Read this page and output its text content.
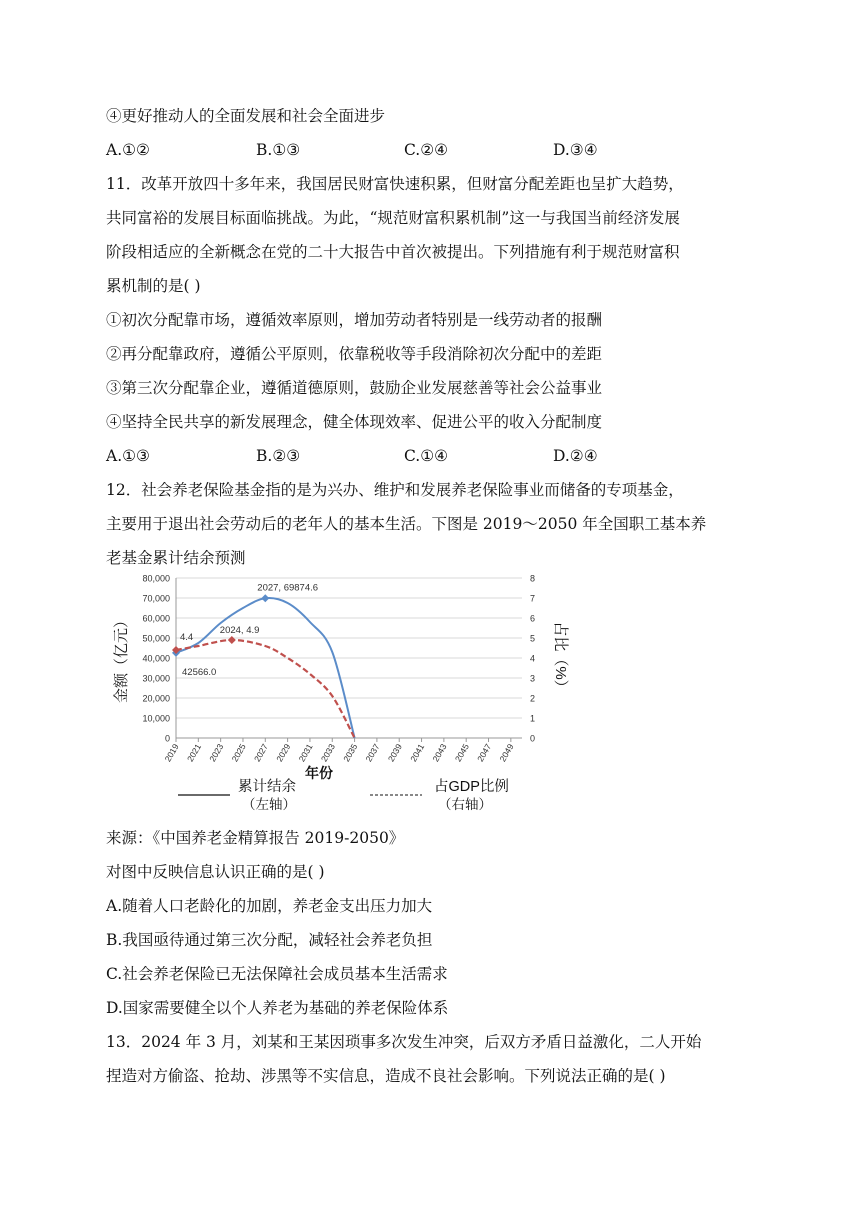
④更好推动人的全面发展和社会全面进步
A.①②	B.①③	C.②④	D.③④
11．改革开放四十多年来，我国居民财富快速积累，但财富分配差距也呈扩大趋势，
共同富裕的发展目标面临挑战。为此，“规范财富积累机制”这一与我国当前经济发展
阶段相适应的全新概念在党的二十大报告中首次被提出。下列措施有利于规范财富积
累机制的是( )
①初次分配靠市场，遵循效率原则，增加劳动者特别是一线劳动者的报酬
②再分配靠政府，遵循公平原则，依靠税收等手段消除初次分配中的差距
③第三次分配靠企业，遵循道德原则，鼓励企业发展慈善等社会公益事业
④坚持全民共享的新发展理念，健全体现效率、促进公平的收入分配制度
A.①③	B.②③	C.①④	D.②④
12．社会养老保险基金指的是为兴办、维护和发展养老保险事业而储备的专项基金，
主要用于退出社会劳动后的老年人的基本生活。下图是 2019～2050 年全国职工基本养
老基金累计结余预测
0
10,000
20,000
30,000
40,000
50,000
60,000
70,000
80,000
0
1
2
3
4
5
6
7
8
2019 2021 2023 2025 2027 2029 2031 2033 2035 2037 2039 2041 2043 2045 2047 2049
年份
金额（亿元）	占比（%）
2027, 69874.6
2024, 4.9
4.4
42566.0
累计结余
（左轴）
占GDP比例
（右轴）
来源：《中国养老金精算报告 2019-2050》
对图中反映信息认识正确的是( )
A.随着人口老龄化的加剧，养老金支出压力加大
B.我国亟待通过第三次分配，减轻社会养老负担
C.社会养老保险已无法保障社会成员基本生活需求
D.国家需要健全以个人养老为基础的养老保险体系
13．2024 年 3 月，刘某和王某因琐事多次发生冲突，后双方矛盾日益激化，二人开始
捏造对方偷盗、抢劫、涉黑等不实信息，造成不良社会影响。下列说法正确的是( )
